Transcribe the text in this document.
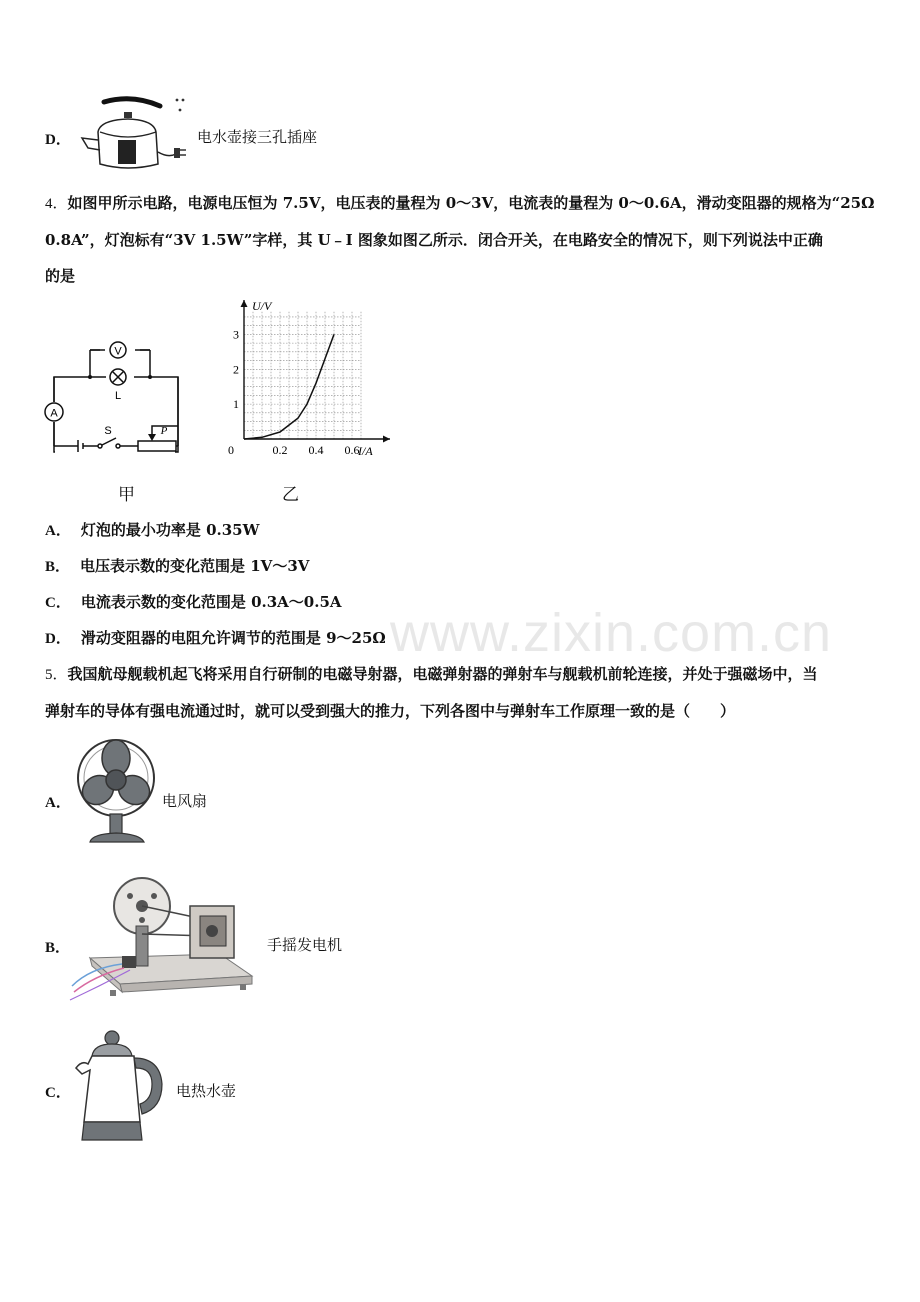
www.zixin.com.cn
D．	电水壶接三孔插座
4．如图甲所示电路，电源电压恒为 7.5V，电压表的量程为 0～3V，电流表的量程为 0～0.6A，滑动变阻器的规格为“25Ω
0.8A”，灯泡标有“3V 1.5W”字样，其 U﹣I 图象如图乙所示．闭合开关，在电路安全的情况下，则下列说法中正确
的是
V
L
A
S	P
甲
0.2 0.4 0.6
1
2
3
U/V
I/A
0
乙
A． 灯泡的最小功率是 0.35W
B． 电压表示数的变化范围是 1V～3V
C． 电流表示数的变化范围是 0.3A～0.5A
D． 滑动变阻器的电阻允许调节的范围是 9～25Ω
5．我国航母舰载机起飞将采用自行研制的电磁导射器，电磁弹射器的弹射车与舰载机前轮连接，并处于强磁场中，当
弹射车的导体有强电流通过时，就可以受到强大的推力，下列各图中与弹射车工作原理一致的是（　　）
A．	电风扇
B．	手摇发电机
C．	电热水壶
